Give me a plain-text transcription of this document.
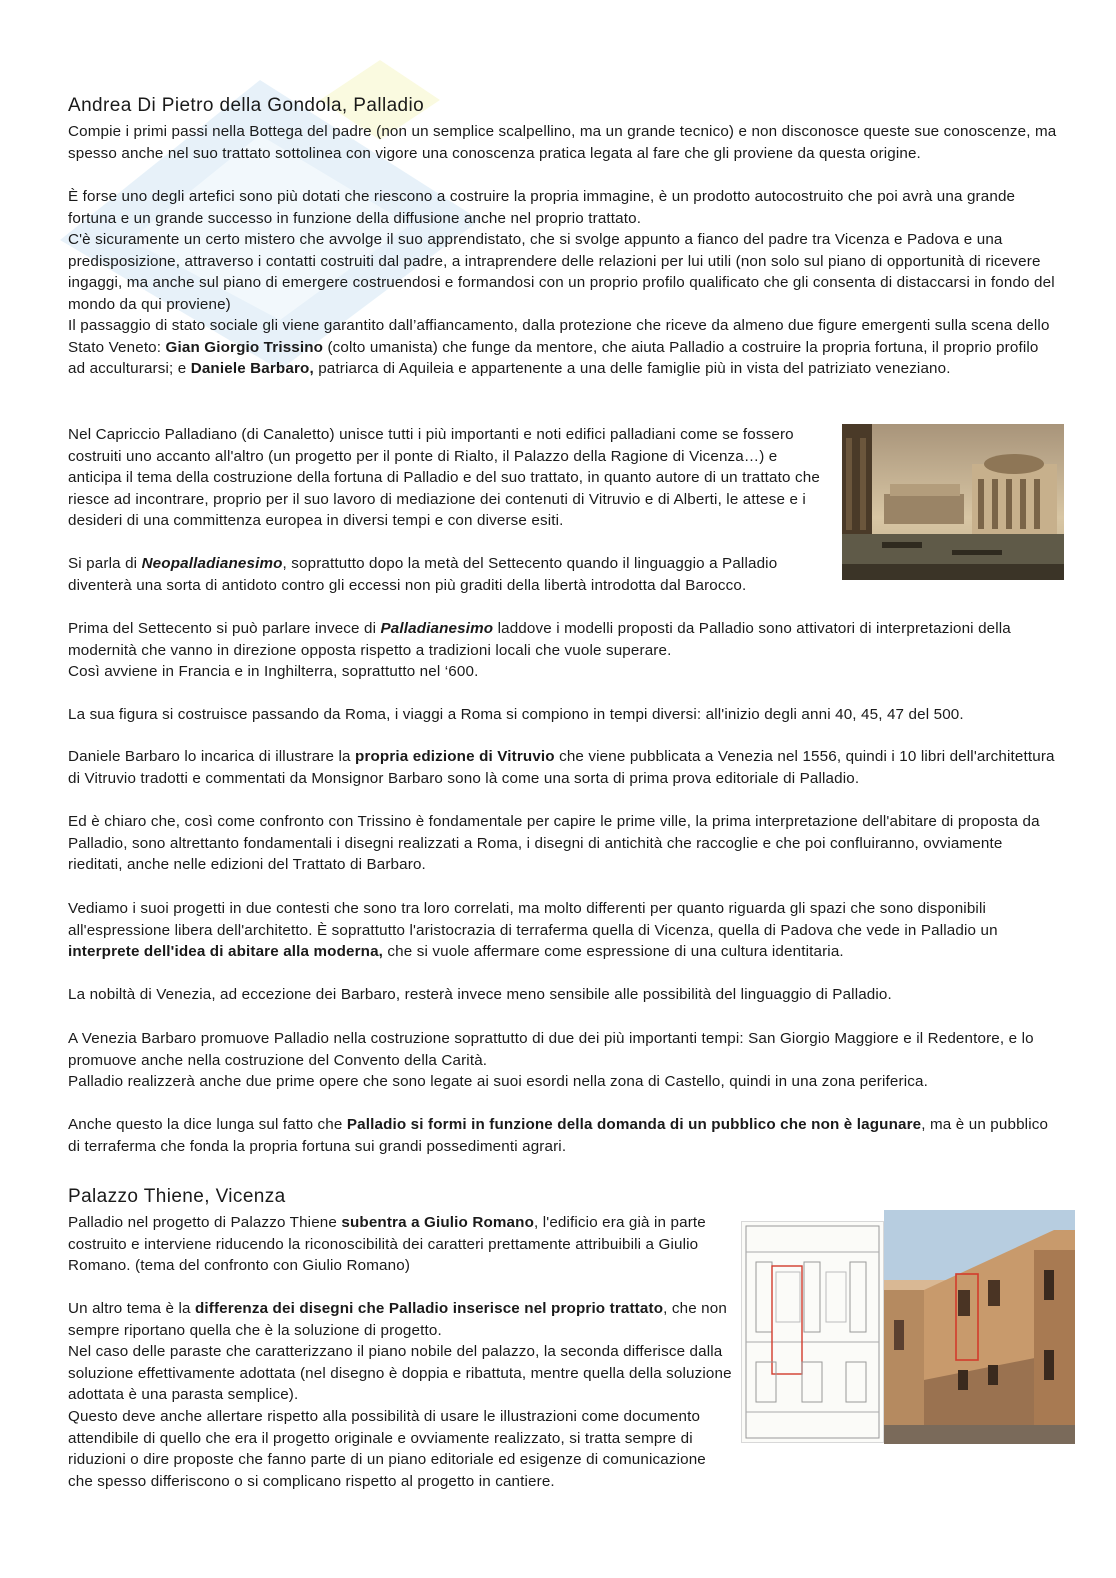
Andrea Di Pietro della Gondola, Palladio

Compie i primi passi nella Bottega del padre (non un semplice scalpellino, ma un grande tecnico) e non disconosce queste sue conoscenze, ma spesso anche nel suo trattato sottolinea con vigore una conoscenza pratica legata al fare che gli proviene da questa origine.

È forse uno degli artefici sono più dotati che riescono a costruire la propria immagine, è un prodotto autocostruito che poi avrà una grande fortuna e un grande successo in funzione della diffusione anche nel proprio trattato.

C'è sicuramente un certo mistero che avvolge il suo apprendistato, che si svolge appunto a fianco del padre tra Vicenza e Padova e una predisposizione, attraverso i contatti costruiti dal padre, a intraprendere delle relazioni per lui utili (non solo sul piano di opportunità di ricevere ingaggi, ma anche sul piano di emergere costruendosi e formandosi con un proprio profilo qualificato che gli consenta di distaccarsi in fondo del mondo da qui proviene)

Il passaggio di stato sociale gli viene garantito dall’affiancamento, dalla protezione che riceve da almeno due figure emergenti sulla scena dello Stato Veneto: Gian Giorgio Trissino (colto umanista) che funge da mentore, che aiuta Palladio a costruire la propria fortuna, il proprio profilo ad acculturarsi; e Daniele Barbaro, patriarca di Aquileia e appartenente a una delle famiglie più in vista del patriziato veneziano.

Nel Capriccio Palladiano (di Canaletto) unisce tutti i più importanti e noti edifici palladiani come se fossero costruiti uno accanto all'altro (un progetto per il ponte di Rialto, il Palazzo della Ragione di Vicenza…) e anticipa il tema della costruzione della fortuna di Palladio e del suo trattato, in quanto autore di un trattato che riesce ad incontrare, proprio per il suo lavoro di mediazione dei contenuti di Vitruvio e di Alberti, le attese e i desideri di una committenza europea in diversi tempi e con diverse esiti.

Si parla di Neopalladianesimo, soprattutto dopo la metà del Settecento quando il linguaggio a Palladio diventerà una sorta di antidoto contro gli eccessi non più graditi della libertà introdotta dal Barocco.

Prima del Settecento si può parlare invece di Palladianesimo laddove i modelli proposti da Palladio sono attivatori di interpretazioni della modernità che vanno in direzione opposta rispetto a tradizioni locali che vuole superare.

Così avviene in Francia e in Inghilterra, soprattutto nel ‘600.

La sua figura si costruisce passando da Roma, i viaggi a Roma si compiono in tempi diversi: all'inizio degli anni 40, 45, 47 del 500.

Daniele Barbaro lo incarica di illustrare la propria edizione di Vitruvio che viene pubblicata a Venezia nel 1556, quindi i 10 libri dell'architettura di Vitruvio tradotti e commentati da Monsignor Barbaro sono là come una sorta di prima prova editoriale di Palladio.

Ed è chiaro che, così come confronto con Trissino è fondamentale per capire le prime ville, la prima interpretazione dell'abitare di proposta da Palladio, sono altrettanto fondamentali i disegni realizzati a Roma, i disegni di antichità che raccoglie e che poi confluiranno, ovviamente rieditati, anche nelle edizioni del Trattato di Barbaro.

Vediamo i suoi progetti in due contesti che sono tra loro correlati, ma molto differenti per quanto riguarda gli spazi che sono disponibili all'espressione libera dell'architetto. È soprattutto l'aristocrazia di terraferma quella di Vicenza, quella di Padova che vede in Palladio un interprete dell'idea di abitare alla moderna, che si vuole affermare come espressione di una cultura identitaria.

La nobiltà di Venezia, ad eccezione dei Barbaro, resterà invece meno sensibile alle possibilità del linguaggio di Palladio.

A Venezia Barbaro promuove Palladio nella costruzione soprattutto di due dei più importanti tempi: San Giorgio Maggiore e il Redentore, e lo promuove anche nella costruzione del Convento della Carità.

Palladio realizzerà anche due prime opere che sono legate ai suoi esordi nella zona di Castello, quindi in una zona periferica.

Anche questo la dice lunga sul fatto che Palladio si formi in funzione della domanda di un pubblico che non è lagunare, ma è un pubblico di terraferma che fonda la propria fortuna sui grandi possedimenti agrari.

Palazzo Thiene, Vicenza

Palladio nel progetto di Palazzo Thiene subentra a Giulio Romano, l'edificio era già in parte costruito e interviene riducendo la riconoscibilità dei caratteri prettamente attribuibili a Giulio Romano. (tema del confronto con Giulio Romano)

Un altro tema è la differenza dei disegni che Palladio inserisce nel proprio trattato, che non sempre riportano quella che è la soluzione di progetto.

Nel caso delle paraste che caratterizzano il piano nobile del palazzo, la seconda differisce dalla soluzione effettivamente adottata (nel disegno è doppia e ribattuta, mentre quella della soluzione adottata è una parasta semplice).

Questo deve anche allertare rispetto alla possibilità di usare le illustrazioni come documento attendibile di quello che era il progetto originale e ovviamente realizzato, si tratta sempre di riduzioni o dire proposte che fanno parte di un piano editoriale ed esigenze di comunicazione che spesso differiscono o si complicano rispetto al progetto in cantiere.
